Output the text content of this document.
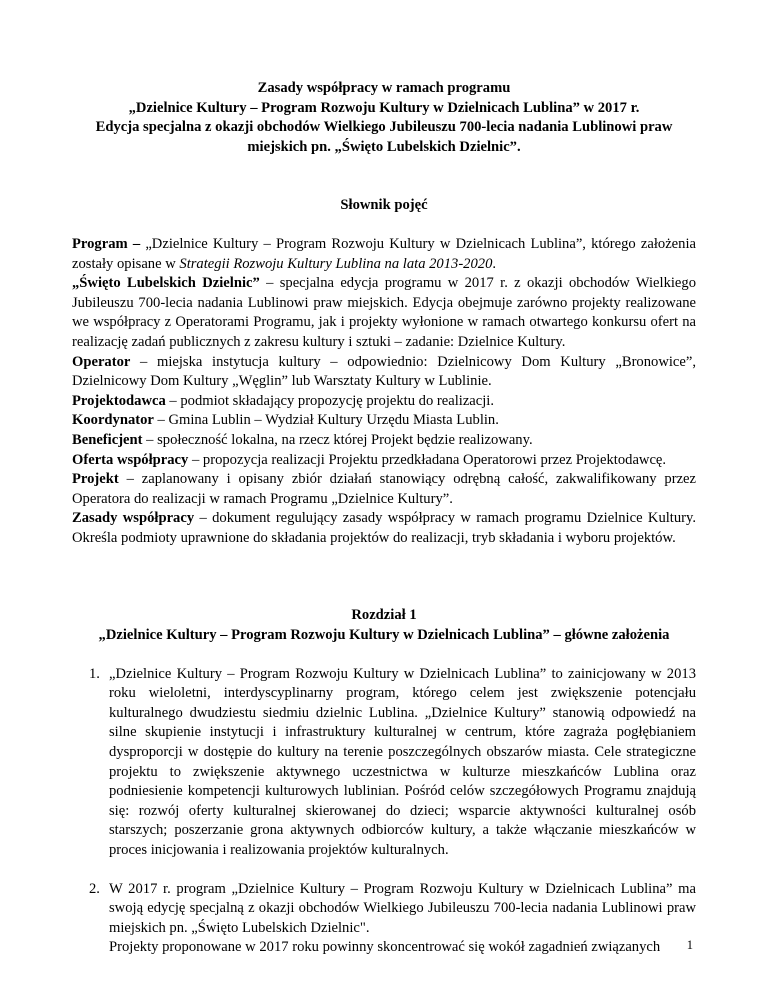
Zasady współpracy w ramach programu

„Dzielnice Kultury – Program Rozwoju Kultury w Dzielnicach Lublina” w 2017 r.

Edycja specjalna z okazji obchodów Wielkiego Jubileuszu 700-lecia nadania Lublinowi praw

miejskich pn. „Święto Lubelskich Dzielnic”.

Słownik pojęć

Program – „Dzielnice Kultury – Program Rozwoju Kultury w Dzielnicach Lublina”, którego założenia zostały opisane w Strategii Rozwoju Kultury Lublina na lata 2013-2020.

„Święto Lubelskich Dzielnic” – specjalna edycja programu w 2017 r. z okazji obchodów Wielkiego Jubileuszu 700-lecia nadania Lublinowi praw miejskich. Edycja obejmuje zarówno projekty realizowane we współpracy z Operatorami Programu, jak i projekty wyłonione w ramach otwartego konkursu ofert na realizację zadań publicznych z zakresu kultury i sztuki – zadanie: Dzielnice Kultury.

Operator – miejska instytucja kultury – odpowiednio: Dzielnicowy Dom Kultury „Bronowice”, Dzielnicowy Dom Kultury „Węglin” lub Warsztaty Kultury w Lublinie.

Projektodawca – podmiot składający propozycję projektu do realizacji.

Koordynator – Gmina Lublin – Wydział Kultury Urzędu Miasta Lublin.

Beneficjent – społeczność lokalna, na rzecz której Projekt będzie realizowany.

Oferta współpracy – propozycja realizacji Projektu przedkładana Operatorowi przez Projektodawcę.

Projekt – zaplanowany i opisany zbiór działań stanowiący odrębną całość, zakwalifikowany przez Operatora do realizacji w ramach Programu „Dzielnice Kultury”.

Zasady współpracy – dokument regulujący zasady współpracy w ramach programu Dzielnice Kultury. Określa podmioty uprawnione do składania projektów do realizacji, tryb składania i wyboru projektów.

Rozdział 1

„Dzielnice Kultury – Program Rozwoju Kultury w Dzielnicach Lublina” – główne założenia

1. „Dzielnice Kultury – Program Rozwoju Kultury w Dzielnicach Lublina” to zainicjowany w 2013 roku wieloletni, interdyscyplinarny program, którego celem jest zwiększenie potencjału kulturalnego dwudziestu siedmiu dzielnic Lublina. „Dzielnice Kultury” stanowią odpowiedź na silne skupienie instytucji i infrastruktury kulturalnej w centrum, które zagraża pogłębianiem dysproporcji w dostępie do kultury na terenie poszczególnych obszarów miasta. Cele strategiczne projektu to zwiększenie aktywnego uczestnictwa w kulturze mieszkańców Lublina oraz podniesienie kompetencji kulturowych lublinian. Pośród celów szczegółowych Programu znajdują się: rozwój oferty kulturalnej skierowanej do dzieci; wsparcie aktywności kulturalnej osób starszych; poszerzanie grona aktywnych odbiorców kultury, a także włączanie mieszkańców w proces inicjowania i realizowania projektów kulturalnych.
2. W 2017 r. program „Dzielnice Kultury – Program Rozwoju Kultury w Dzielnicach Lublina” ma swoją edycję specjalną z okazji obchodów Wielkiego Jubileuszu 700-lecia nadania Lublinowi praw miejskich pn. „Święto Lubelskich Dzielnic".
Projekty proponowane w 2017 roku powinny skoncentrować się wokół zagadnień związanych	1
